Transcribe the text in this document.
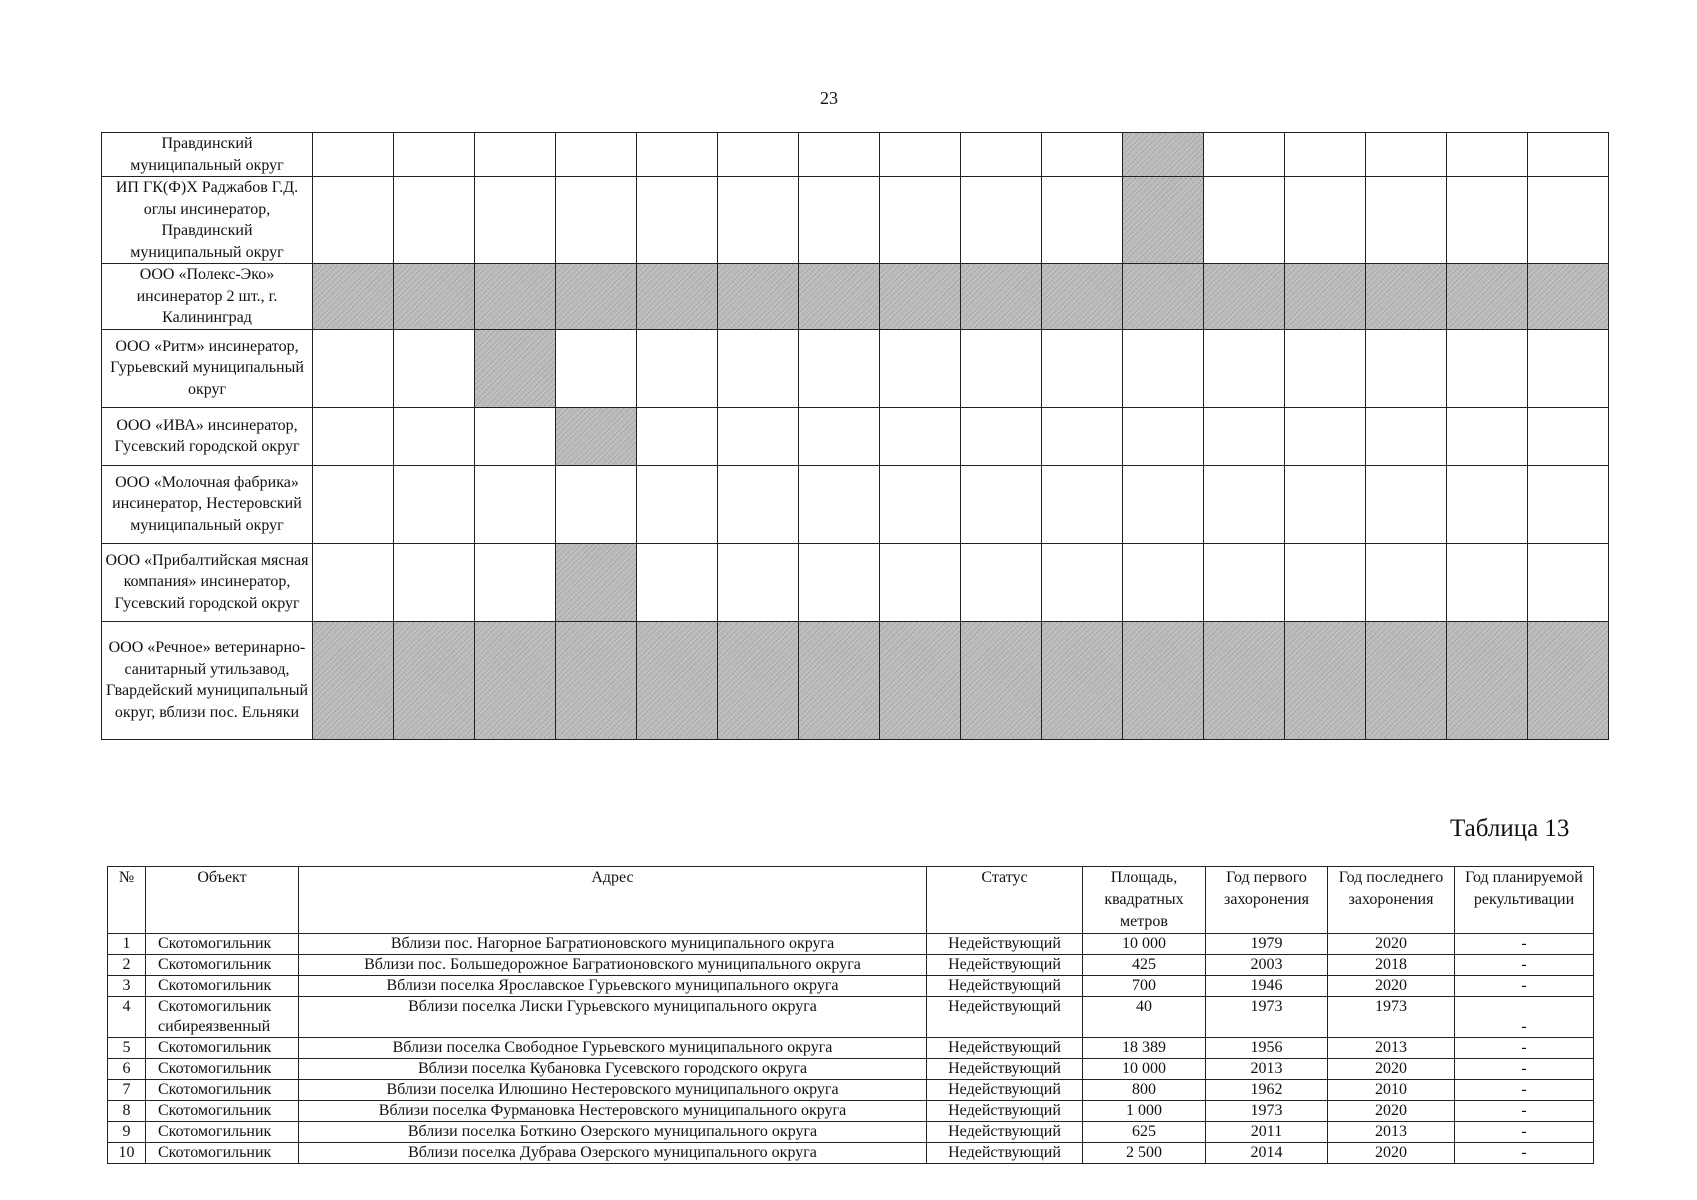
23
Правдинский муниципальный округ																
ИП ГК(Ф)Х Раджабов Г.Д. оглы инсинератор, Правдинский муниципальный округ																
ООО «Полекс-Эко» инсинератор 2 шт., г. Калининград																
ООО «Ритм» инсинератор, Гурьевский муниципальный округ																
ООО «ИВА» инсинератор, Гусевский городской округ																
ООО «Молочная фабрика» инсинератор, Нестеровский муниципальный округ																
ООО «Прибалтийская мясная компания» инсинератор, Гусевский городской округ																
ООО «Речное» ветеринарно-санитарный утильзавод, Гвардейский муниципальный округ, вблизи пос. Ельняки																
Таблица 13
№	Объект	Адрес	Статус	Площадь, квадратных метров	Год первого захоронения	Год последнего захоронения	Год планируемой рекультивации
1	Скотомогильник	Вблизи пос. Нагорное Багратионовского муниципального округа	Недействующий	10 000	1979	2020	-
2	Скотомогильник	Вблизи пос. Большедорожное Багратионовского муниципального округа	Недействующий	425	2003	2018	-
3	Скотомогильник	Вблизи поселка Ярославское Гурьевского муниципального округа	Недействующий	700	1946	2020	-
4	Скотомогильник сибиреязвенный	Вблизи поселка Лиски Гурьевского муниципального округа	Недействующий	40	1973	1973	-
5	Скотомогильник	Вблизи поселка Свободное Гурьевского муниципального округа	Недействующий	18 389	1956	2013	-
6	Скотомогильник	Вблизи поселка Кубановка Гусевского городского округа	Недействующий	10 000	2013	2020	-
7	Скотомогильник	Вблизи поселка Илюшино Нестеровского муниципального округа	Недействующий	800	1962	2010	-
8	Скотомогильник	Вблизи поселка Фурмановка Нестеровского муниципального округа	Недействующий	1 000	1973	2020	-
9	Скотомогильник	Вблизи поселка Боткино Озерского муниципального округа	Недействующий	625	2011	2013	-
10	Скотомогильник	Вблизи поселка Дубрава Озерского муниципального округа	Недействующий	2 500	2014	2020	-
